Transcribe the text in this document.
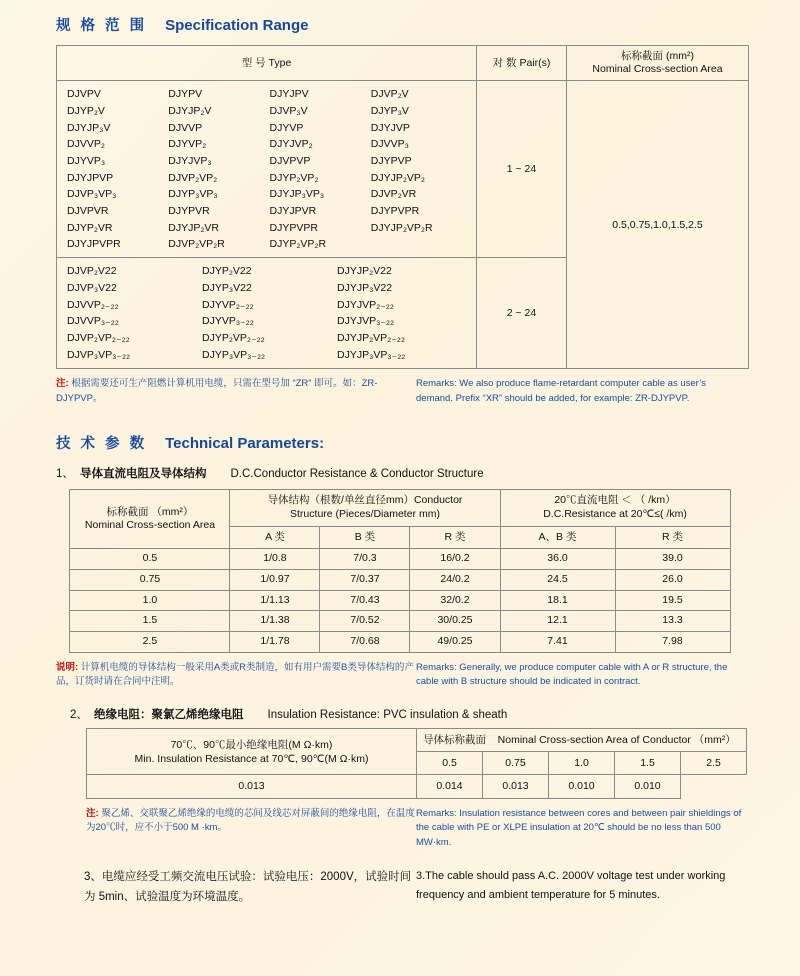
规 格 范 围 Specification Range
型 号 Type	对 数 Pair(s)	标称截面 (mm²)
Nominal Cross-section Area

DJVPV	DJYPV	DJYJPV	DJVP₂V
DJYP₂V	DJYJP₂V	DJVP₃V	DJYP₃V
DJYJP₃V	DJVVP	DJYVP	DJYJVP
DJVVP₂	DJYVP₂	DJYJVP₂	DJVVP₃
DJYVP₃	DJYJVP₃	DJVPVP	DJYPVP
DJYJPVP	DJVP₂VP₂	DJYP₂VP₂	DJYJP₂VP₂
DJVP₃VP₃	DJYP₃VP₃	DJYJP₃VP₃	DJVP₂VR
DJVPVR	DJYPVR	DJYJPVR	DJYPVPR
DJYP₂VR	DJYJP₂VR	DJYPVPR	DJYJP₂VP₂R
DJYJPVPR	DJVP₂VP₂R	DJYP₂VP₂R
	1 ~ 24	0.5,0.75,1.0,1.5,2.5

DJVP₂V22	DJYP₂V22	DJYJP₂V22
DJVP₃V22	DJYP₃V22	DJYJP₃V22
DJVVP₂₋₂₂	DJYVP₂₋₂₂	DJYJVP₂₋₂₂
DJVVP₃₋₂₂	DJYVP₃₋₂₂	DJYJVP₃₋₂₂
DJVP₂VP₂₋₂₂	DJYP₂VP₂₋₂₂	DJYJP₂VP₂₋₂₂
DJVP₃VP₃₋₂₂	DJYP₃VP₃₋₂₂	DJYJP₃VP₃₋₂₂
	2 ~ 24
注: 根据需要还可生产阻燃计算机用电缆，只需在型号加 “ZR” 即可。如：ZR-DJYPVP。
Remarks: We also produce flame-retardant computer cable as user’s demand. Prefix “XR” should be added, for example: ZR-DJYPVP.
技 术 参 数 Technical Parameters:
1、 导体直流电阻及导体结构 D.C.Conductor Resistance & Conductor Structure
标称截面 （mm²）
Nominal Cross-section Area

导体结构（根数/单丝直径mm）Conductor
Structure (Pieces/Diameter mm)

20℃直流电阻 ＜ （ /km）
D.C.Resistance at 20℃≤( /km)

	A 类	B 类	R 类	A、B 类	R 类
0.5	1/0.8	7/0.3	16/0.2	36.0	39.0
0.75	1/0.97	7/0.37	24/0.2	24.5	26.0
1.0	1/1.13	7/0.43	32/0.2	18.1	19.5
1.5	1/1.38	7/0.52	30/0.25	12.1	13.3
2.5	1/1.78	7/0.68	49/0.25	7.41	7.98
说明: 计算机电缆的导体结构一般采用A类或R类制造，如有用户需要B类导体结构的产品，订货时请在合同中注明。
Remarks: Generally, we produce computer cable with A or R structure, the cable with B structure should be indicated in contract.
2、 绝缘电阻：聚氯乙烯绝缘电阻 Insulation Resistance: PVC insulation & sheath
70℃、90℃最小绝缘电阻(M Ω·km)
Min. Insulation Resistance at 70℃, 90℃(M Ω·km)	导体标称截面 Nominal Cross-section Area of Conductor （mm²）				
	0.5	0.75	1.0	1.5	2.5
0.013	0.014	0.013	0.010	0.010	
注: 聚乙烯、交联聚乙烯绝缘的电缆的芯间及线芯对屏蔽间的绝缘电阻，在温度为20℃时，应不小于500 M ·km。
Remarks: Insulation resistance between cores and between pair shieldings of the cable with PE or XLPE insulation at 20℃ should be no less than 500 MW·km.
3、电缆应经受工频交流电压试验：试验电压：2000V，试验时间为 5min、试验温度为环境温度。
3.The cable should pass A.C. 2000V voltage test under working frequency and ambient temperature for 5 minutes.
